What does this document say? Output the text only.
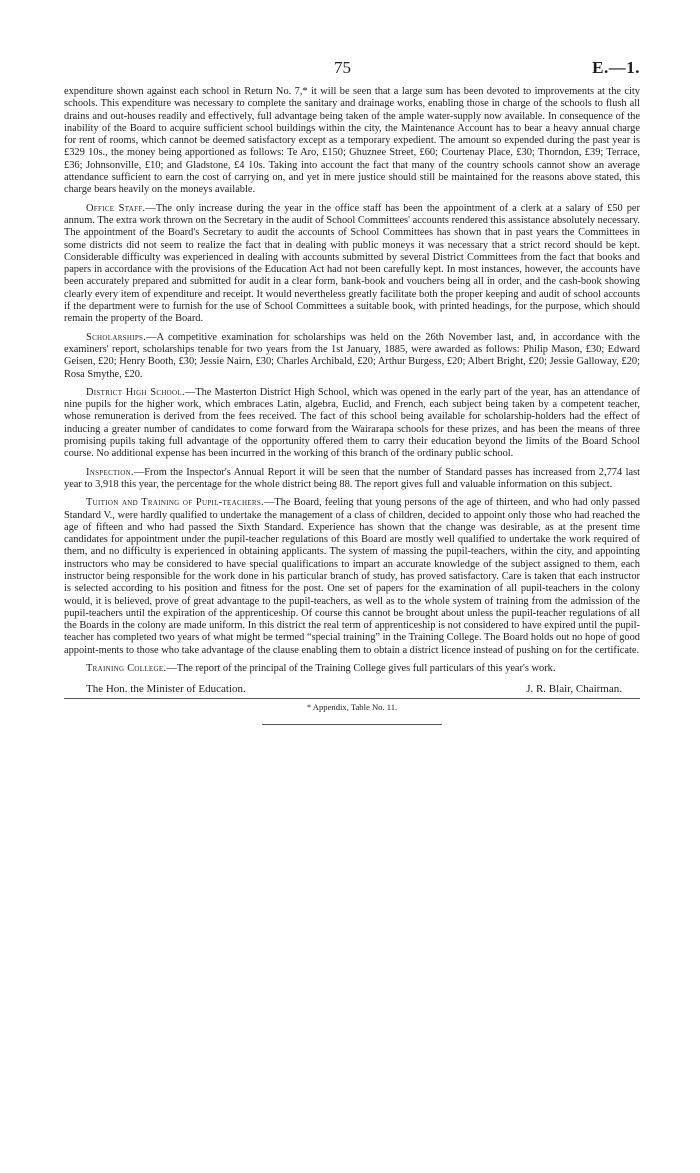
75	E.—1.

expenditure shown against each school in Return No. 7,* it will be seen that a large sum has been devoted to improvements at the city schools. This expenditure was necessary to complete the sanitary and drainage works, enabling those in charge of the schools to flush all drains and out-houses readily and effectively, full advantage being taken of the ample water-supply now available. In consequence of the inability of the Board to acquire sufficient school buildings within the city, the Maintenance Account has to bear a heavy annual charge for rent of rooms, which cannot be deemed satisfactory except as a temporary expedient. The amount so expended during the past year is £329 10s., the money being apportioned as follows: Te Aro, £150; Ghuznee Street, £60; Courtenay Place, £30; Thorndon, £39; Terrace, £36; Johnsonville, £10; and Gladstone, £4 10s. Taking into account the fact that many of the country schools cannot show an average attendance sufficient to earn the cost of carrying on, and yet in mere justice should still be maintained for the reasons above stated, this charge bears heavily on the moneys available.

Office Staff.—The only increase during the year in the office staff has been the appointment of a clerk at a salary of £50 per annum. The extra work thrown on the Secretary in the audit of School Committees' accounts rendered this assistance absolutely necessary. The appointment of the Board's Secretary to audit the accounts of School Committees has shown that in past years the Committees in some districts did not seem to realize the fact that in dealing with public moneys it was necessary that a strict record should be kept. Considerable difficulty was experienced in dealing with accounts submitted by several District Committees from the fact that books and papers in accordance with the provisions of the Education Act had not been carefully kept. In most instances, however, the accounts have been accurately prepared and submitted for audit in a clear form, bank-book and vouchers being all in order, and the cash-book showing clearly every item of expenditure and receipt. It would nevertheless greatly facilitate both the proper keeping and audit of school accounts if the department were to furnish for the use of School Committees a suitable book, with printed headings, for the purpose, which should remain the property of the Board.

Scholarships.—A competitive examination for scholarships was held on the 26th November last, and, in accordance with the examiners' report, scholarships tenable for two years from the 1st January, 1885, were awarded as follows: Philip Mason, £30; Edward Geisen, £20; Henry Booth, £30; Jessie Nairn, £30; Charles Archibald, £20; Arthur Burgess, £20; Albert Bright, £20; Jessie Galloway, £20; Rosa Smythe, £20.

District High School.—The Masterton District High School, which was opened in the early part of the year, has an attendance of nine pupils for the higher work, which embraces Latin, algebra, Euclid, and French, each subject being taken by a competent teacher, whose remuneration is derived from the fees received. The fact of this school being available for scholarship-holders had the effect of inducing a greater number of candidates to come forward from the Wairarapa schools for these prizes, and has been the means of three promising pupils taking full advantage of the opportunity offered them to carry their education beyond the limits of the Board School course. No additional expense has been incurred in the working of this branch of the ordinary public school.

Inspection.—From the Inspector's Annual Report it will be seen that the number of Standard passes has increased from 2,774 last year to 3,918 this year, the percentage for the whole district being 88. The report gives full and valuable information on this subject.

Tuition and Training of Pupil-teachers.—The Board, feeling that young persons of the age of thirteen, and who had only passed Standard V., were hardly qualified to undertake the management of a class of children, decided to appoint only those who had reached the age of fifteen and who had passed the Sixth Standard. Experience has shown that the change was desirable, as at the present time candidates for appointment under the pupil-teacher regulations of this Board are mostly well qualified to undertake the work required of them, and no difficulty is experienced in obtaining applicants. The system of massing the pupil-teachers, within the city, and appointing instructors who may be considered to have special qualifications to impart an accurate knowledge of the subject assigned to them, each instructor being responsible for the work done in his particular branch of study, has proved satisfactory. Care is taken that each instructor is selected according to his position and fitness for the post. One set of papers for the examination of all pupil-teachers in the colony would, it is believed, prove of great advantage to the pupil-teachers, as well as to the whole system of training from the admission of the pupil-teachers until the expiration of the apprenticeship. Of course this cannot be brought about unless the pupil-teacher regulations of all the Boards in the colony are made uniform. In this district the real term of apprenticeship is not considered to have expired until the pupil-teacher has completed two years of what might be termed “special training” in the Training College. The Board holds out no hope of good appoint-ments to those who take advantage of the clause enabling them to obtain a district licence instead of pushing on for the certificate.

Training College.—The report of the principal of the Training College gives full particulars of this year's work.

The Hon. the Minister of Education.	J. R. Blair, Chairman.
* Appendix, Table No. 11.
